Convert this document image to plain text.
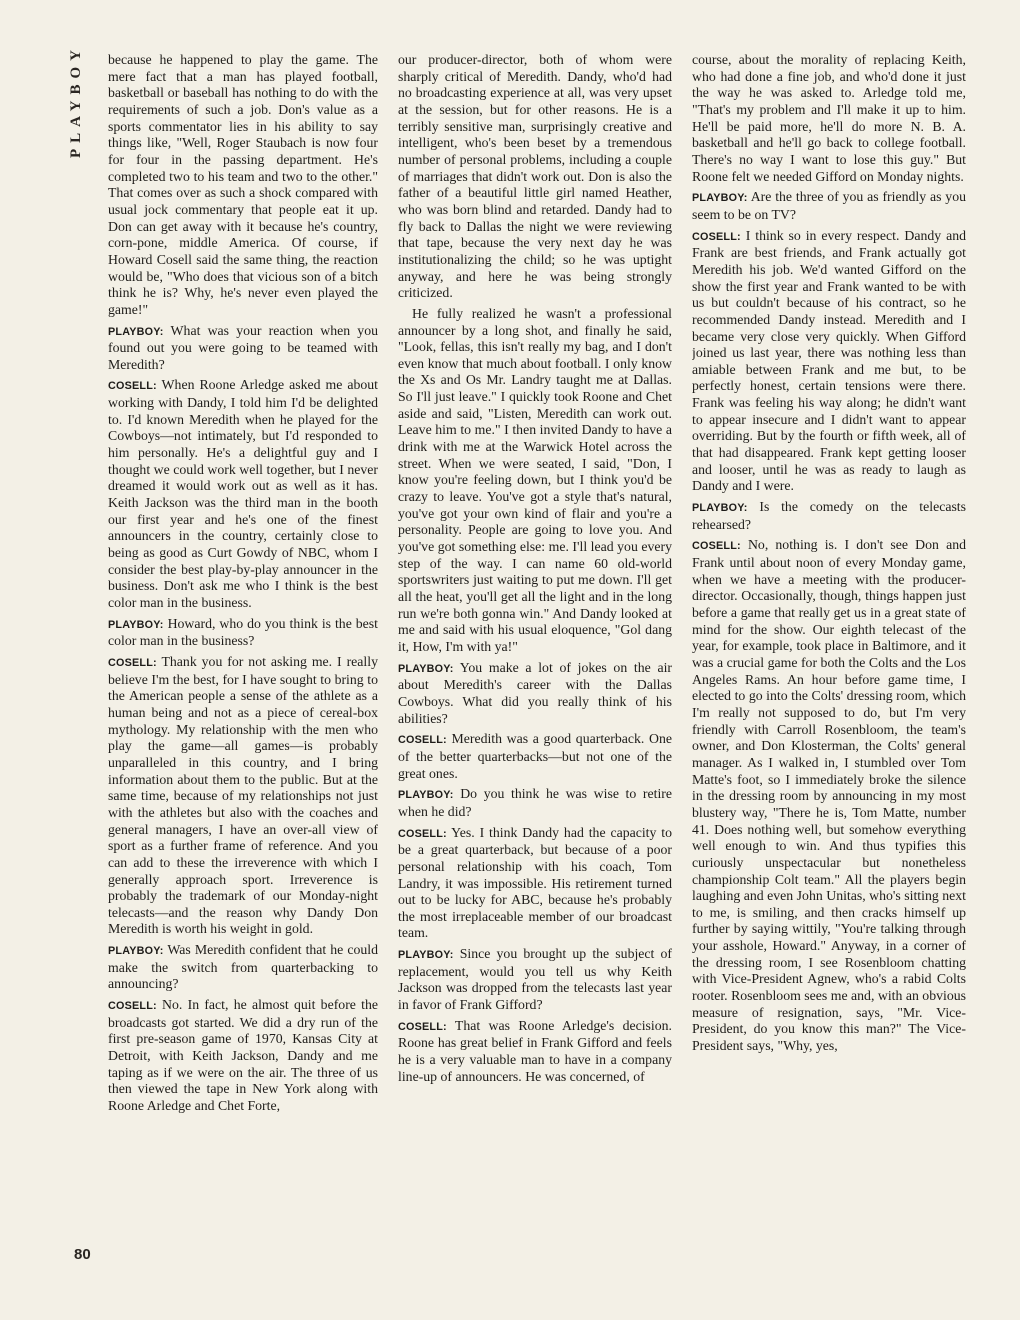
PLAYBOY	because he happened to play the game. The mere fact that a man has played football, basketball or baseball has nothing to do with the requirements of such a job. Don's value as a sports commentator lies in his ability to say things like, "Well, Roger Staubach is now four for four in the passing department. He's completed two to his team and two to the other." That comes over as such a shock compared with usual jock commentary that people eat it up. Don can get away with it because he's country, corn-pone, middle America. Of course, if Howard Cosell said the same thing, the reaction would be, "Who does that vicious son of a bitch think he is? Why, he's never even played the game!"

PLAYBOY: What was your reaction when you found out you were going to be teamed with Meredith?

COSELL: When Roone Arledge asked me about working with Dandy, I told him I'd be delighted to. I'd known Meredith when he played for the Cowboys—not intimately, but I'd responded to him personally. He's a delightful guy and I thought we could work well together, but I never dreamed it would work out as well as it has. Keith Jackson was the third man in the booth our first year and he's one of the finest announcers in the country, certainly close to being as good as Curt Gowdy of NBC, whom I consider the best play-by-play announcer in the business. Don't ask me who I think is the best color man in the business.

PLAYBOY: Howard, who do you think is the best color man in the business?

COSELL: Thank you for not asking me. I really believe I'm the best, for I have sought to bring to the American people a sense of the athlete as a human being and not as a piece of cereal-box mythology. My relationship with the men who play the game—all games—is probably unparalleled in this country, and I bring information about them to the public. But at the same time, because of my relationships not just with the athletes but also with the coaches and general managers, I have an over-all view of sport as a further frame of reference. And you can add to these the irreverence with which I generally approach sport. Irreverence is probably the trademark of our Monday-night telecasts—and the reason why Dandy Don Meredith is worth his weight in gold.

PLAYBOY: Was Meredith confident that he could make the switch from quarterbacking to announcing?

COSELL: No. In fact, he almost quit before the broadcasts got started. We did a dry run of the first pre-season game of 1970, Kansas City at Detroit, with Keith Jackson, Dandy and me taping as if we were on the air. The three of us then viewed the tape in New York along with Roone Arledge and Chet Forte,

our producer-director, both of whom were sharply critical of Meredith. Dandy, who'd had no broadcasting experience at all, was very upset at the session, but for other reasons. He is a terribly sensitive man, surprisingly creative and intelligent, who's been beset by a tremendous number of personal problems, including a couple of marriages that didn't work out. Don is also the father of a beautiful little girl named Heather, who was born blind and retarded. Dandy had to fly back to Dallas the night we were reviewing that tape, because the very next day he was institutionalizing the child; so he was uptight anyway, and here he was being strongly criticized.

He fully realized he wasn't a professional announcer by a long shot, and finally he said, "Look, fellas, this isn't really my bag, and I don't even know that much about football. I only know the Xs and Os Mr. Landry taught me at Dallas. So I'll just leave." I quickly took Roone and Chet aside and said, "Listen, Meredith can work out. Leave him to me." I then invited Dandy to have a drink with me at the Warwick Hotel across the street. When we were seated, I said, "Don, I know you're feeling down, but I think you'd be crazy to leave. You've got a style that's natural, you've got your own kind of flair and you're a personality. People are going to love you. And you've got something else: me. I'll lead you every step of the way. I can name 60 old-world sportswriters just waiting to put me down. I'll get all the heat, you'll get all the light and in the long run we're both gonna win." And Dandy looked at me and said with his usual eloquence, "Gol dang it, How, I'm with ya!"

PLAYBOY: You make a lot of jokes on the air about Meredith's career with the Dallas Cowboys. What did you really think of his abilities?

COSELL: Meredith was a good quarterback. One of the better quarterbacks—but not one of the great ones.

PLAYBOY: Do you think he was wise to retire when he did?

COSELL: Yes. I think Dandy had the capacity to be a great quarterback, but because of a poor personal relationship with his coach, Tom Landry, it was impossible. His retirement turned out to be lucky for ABC, because he's probably the most irreplaceable member of our broadcast team.

PLAYBOY: Since you brought up the subject of replacement, would you tell us why Keith Jackson was dropped from the telecasts last year in favor of Frank Gifford?

COSELL: That was Roone Arledge's decision. Roone has great belief in Frank Gifford and feels he is a very valuable man to have in a company line-up of announcers. He was concerned, of

course, about the morality of replacing Keith, who had done a fine job, and who'd done it just the way he was asked to. Arledge told me, "That's my problem and I'll make it up to him. He'll be paid more, he'll do more N. B. A. basketball and he'll go back to college football. There's no way I want to lose this guy." But Roone felt we needed Gifford on Monday nights.

PLAYBOY: Are the three of you as friendly as you seem to be on TV?

COSELL: I think so in every respect. Dandy and Frank are best friends, and Frank actually got Meredith his job. We'd wanted Gifford on the show the first year and Frank wanted to be with us but couldn't because of his contract, so he recommended Dandy instead. Meredith and I became very close very quickly. When Gifford joined us last year, there was nothing less than amiable between Frank and me but, to be perfectly honest, certain tensions were there. Frank was feeling his way along; he didn't want to appear insecure and I didn't want to appear overriding. But by the fourth or fifth week, all of that had disappeared. Frank kept getting looser and looser, until he was as ready to laugh as Dandy and I were.

PLAYBOY: Is the comedy on the telecasts rehearsed?

COSELL: No, nothing is. I don't see Don and Frank until about noon of every Monday game, when we have a meeting with the producer-director. Occasionally, though, things happen just before a game that really get us in a great state of mind for the show. Our eighth telecast of the year, for example, took place in Baltimore, and it was a crucial game for both the Colts and the Los Angeles Rams. An hour before game time, I elected to go into the Colts' dressing room, which I'm really not supposed to do, but I'm very friendly with Carroll Rosenbloom, the team's owner, and Don Klosterman, the Colts' general manager. As I walked in, I stumbled over Tom Matte's foot, so I immediately broke the silence in the dressing room by announcing in my most blustery way, "There he is, Tom Matte, number 41. Does nothing well, but somehow everything well enough to win. And thus typifies this curiously unspectacular but nonetheless championship Colt team." All the players begin laughing and even John Unitas, who's sitting next to me, is smiling, and then cracks himself up further by saying wittily, "You're talking through your asshole, Howard." Anyway, in a corner of the dressing room, I see Rosenbloom chatting with Vice-President Agnew, who's a rabid Colts rooter. Rosenbloom sees me and, with an obvious measure of resignation, says, "Mr. Vice-President, do you know this man?" The Vice-President says, "Why, yes,

80
